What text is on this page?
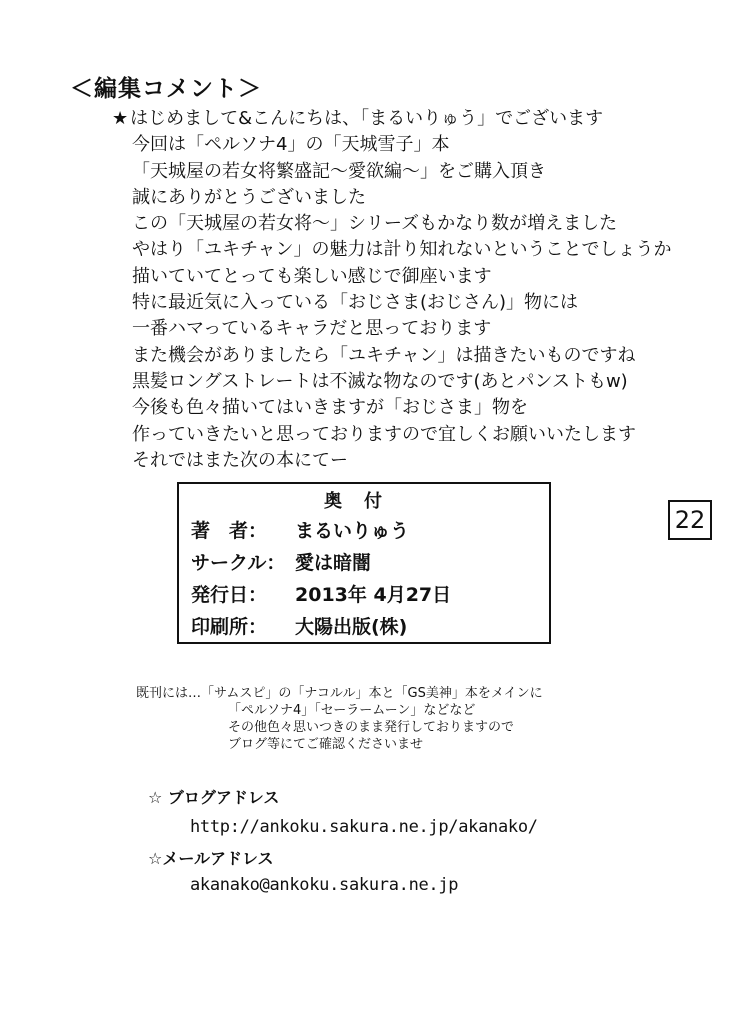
＜編集コメント＞
★ はじめまして&こんにちは、「まるいりゅう」でございます
今回は「ペルソナ4」の「天城雪子」本
「天城屋の若女将繁盛記～愛欲編～」をご購入頂き
誠にありがとうございました
この「天城屋の若女将～」シリーズもかなり数が増えました
やはり「ユキチャン」の魅力は計り知れないということでしょうか
描いていてとっても楽しい感じで御座います
特に最近気に入っている「おじさま(おじさん)」物には
一番ハマっているキャラだと思っております
また機会がありましたら「ユキチャン」は描きたいものですね
黒髪ロングストレートは不滅な物なのです(あとパンストもw)
今後も色々描いてはいきますが「おじさま」物を
作っていきたいと思っておりますので宜しくお願いいたします
それではまた次の本にてー
奥付
著　者： まるいりゅう
サークル： 愛は暗闇
発行日： 2013年 4月27日
印刷所： 大陽出版(株)
22
既刊には…「サムスピ」の「ナコルル」本と「GS美神」本をメインに
「ペルソナ4」「セーラームーン」などなど
その他色々思いつきのまま発行しておりますので
ブログ等にてご確認くださいませ
☆ ブログアドレス
http://ankoku.sakura.ne.jp/akanako/
☆メールアドレス
akanako@ankoku.sakura.ne.jp
